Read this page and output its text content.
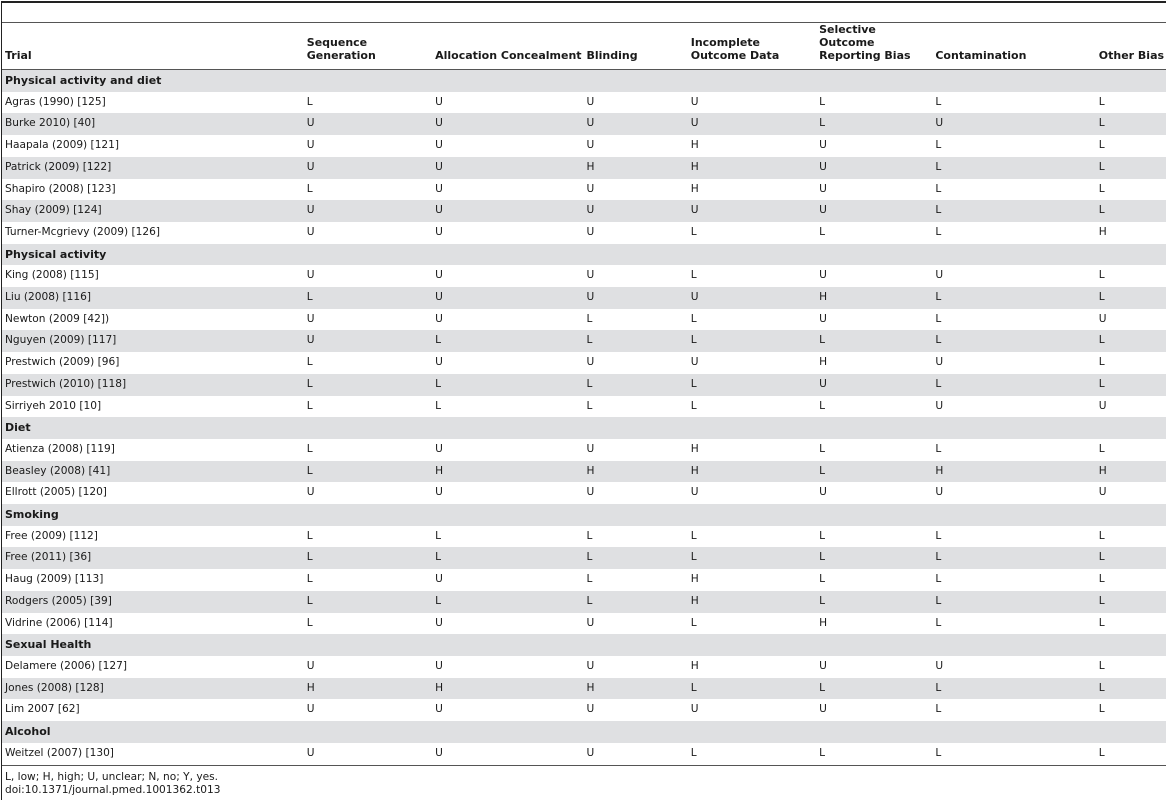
Trial	Sequence Generation	Allocation Concealment	Blinding	Incomplete Outcome Data	Selective Outcome Reporting Bias	Contamination	Other Bias
Physical activity and diet							
Agras (1990) [125]	L	U	U	U	L	L	L
Burke 2010) [40]	U	U	U	U	L	U	L
Haapala (2009) [121]	U	U	U	H	U	L	L
Patrick (2009) [122]	U	U	H	H	U	L	L
Shapiro (2008) [123]	L	U	U	H	U	L	L
Shay (2009) [124]	U	U	U	U	U	L	L
Turner-Mcgrievy (2009) [126]	U	U	U	L	L	L	H
Physical activity							
King (2008) [115]	U	U	U	L	U	U	L
Liu (2008) [116]	L	U	U	U	H	L	L
Newton (2009 [42])	U	U	L	L	U	L	U
Nguyen (2009) [117]	U	L	L	L	L	L	L
Prestwich (2009) [96]	L	U	U	U	H	U	L
Prestwich (2010) [118]	L	L	L	L	U	L	L
Sirriyeh 2010 [10]	L	L	L	L	L	U	U
Diet							
Atienza (2008) [119]	L	U	U	H	L	L	L
Beasley (2008) [41]	L	H	H	H	L	H	H
Ellrott (2005) [120]	U	U	U	U	U	U	U
Smoking							
Free (2009) [112]	L	L	L	L	L	L	L
Free (2011) [36]	L	L	L	L	L	L	L
Haug (2009) [113]	L	U	L	H	L	L	L
Rodgers (2005) [39]	L	L	L	H	L	L	L
Vidrine (2006) [114]	L	U	U	L	H	L	L
Sexual Health							
Delamere (2006) [127]	U	U	U	H	U	U	L
Jones (2008) [128]	H	H	H	L	L	L	L
Lim 2007 [62]	U	U	U	U	U	L	L
Alcohol							
Weitzel (2007) [130]	U	U	U	L	L	L	L
L, low; H, high; U, unclear; N, no; Y, yes.
doi:10.1371/journal.pmed.1001362.t013
